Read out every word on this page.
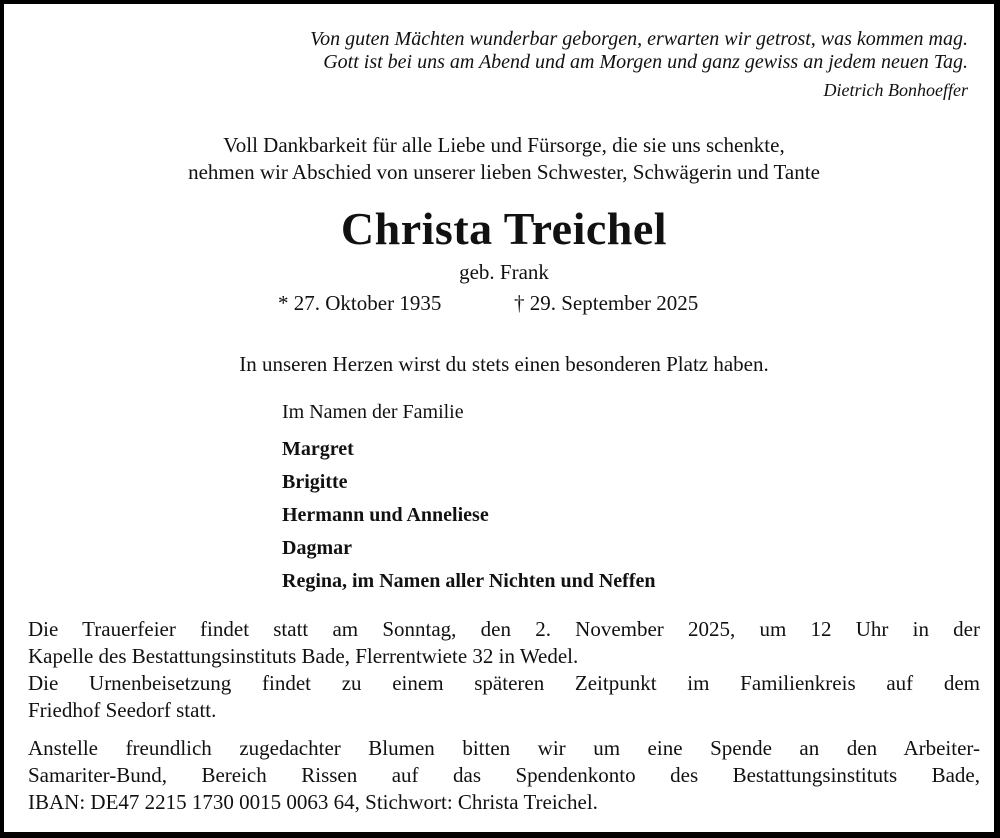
Von guten Mächten wunderbar geborgen, erwarten wir getrost, was kommen mag.
Gott ist bei uns am Abend und am Morgen und ganz gewiss an jedem neuen Tag.
Dietrich Bonhoeffer
Voll Dankbarkeit für alle Liebe und Fürsorge, die sie uns schenkte,
nehmen wir Abschied von unserer lieben Schwester, Schwägerin und Tante
Christa Treichel
geb. Frank
* 27. Oktober 1935	† 29. September 2025
In unseren Herzen wirst du stets einen besonderen Platz haben.
Im Namen der Familie
Margret
Brigitte
Hermann und Anneliese
Dagmar
Regina, im Namen aller Nichten und Neffen
Die Trauerfeier findet statt am Sonntag, den 2. November 2025, um 12 Uhr in der
Kapelle des Bestattungsinstituts Bade, Flerrentwiete 32 in Wedel.
Die Urnenbeisetzung findet zu einem späteren Zeitpunkt im Familienkreis auf dem
Friedhof Seedorf statt.
Anstelle freundlich zugedachter Blumen bitten wir um eine Spende an den Arbeiter-
Samariter-Bund, Bereich Rissen auf das Spendenkonto des Bestattungsinstituts Bade,
IBAN: DE47 2215 1730 0015 0063 64, Stichwort: Christa Treichel.
